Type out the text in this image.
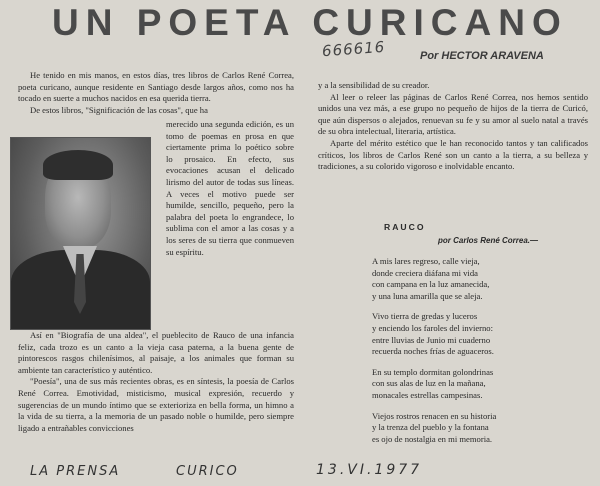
UN POETA CURICANO
666616	Por HECTOR ARAVENA

He tenido en mis manos, en estos días, tres libros de Carlos René Correa, poeta curicano, aunque residente en Santiago desde largos años, como nos ha tocado en suerte a muchos nacidos en esa querida tierra.

De estos libros, "Significación de las cosas", que ha

merecido una segunda edición, es un tomo de poemas en prosa en que ciertamente prima lo poético sobre lo prosaico. En efecto, sus evocaciones acusan el delicado lirismo del autor de todas sus líneas. A veces el motivo puede ser humilde, sencillo, pequeño, pero la palabra del poeta lo engrandece, lo sublima con el amor a las cosas y a los seres de su tierra que conmueven su espíritu.

Así en "Biografía de una aldea", el pueblecito de Rauco de una infancia feliz, cada trozo es un canto a la vieja casa paterna, a la buena gente de pintorescos rasgos chilenísimos, al paisaje, a los animales que forman su ambiente tan característico y auténtico.

"Poesía", una de sus más recientes obras, es en síntesis, la poesía de Carlos René Correa. Emotividad, misticismo, musical expresión, recuerdo y sugerencias de un mundo íntimo que se exterioriza en bella forma, un himno a la vida de su tierra, a la memoria de un pasado noble o humilde, pero siempre ligado a entrañables convicciones

y a la sensibilidad de su creador.

Al leer o releer las páginas de Carlos René Correa, nos hemos sentido unidos una vez más, a ese grupo no pequeño de hijos de la tierra de Curicó, que aún dispersos o alejados, renuevan su fe y su amor al suelo natal a través de su obra intelectual, literaria, artística.

Aparte del mérito estético que le han reconocido tantos y tan calificados críticos, los libros de Carlos René son un canto a la tierra, a su belleza y tradiciones, a su colorido vigoroso e inolvidable encanto.

RAUCO
por Carlos René Correa.—
A mis lares regreso, calle vieja,
donde creciera diáfana mi vida
con campana en la luz amanecida,
y una luna amarilla que se aleja.
Vivo tierra de gredas y luceros
y enciendo los faroles del invierno:
entre lluvias de Junio mi cuaderno
recuerda noches frías de aguaceros.
En su templo dormitan golondrinas
con sus alas de luz en la mañana,
monacales estrellas campesinas.
Viejos rostros renacen en su historia
y la trenza del pueblo y la fontana
es ojo de nostalgia en mi memoria.
LA PRENSA	CURICO	13.VI.1977
